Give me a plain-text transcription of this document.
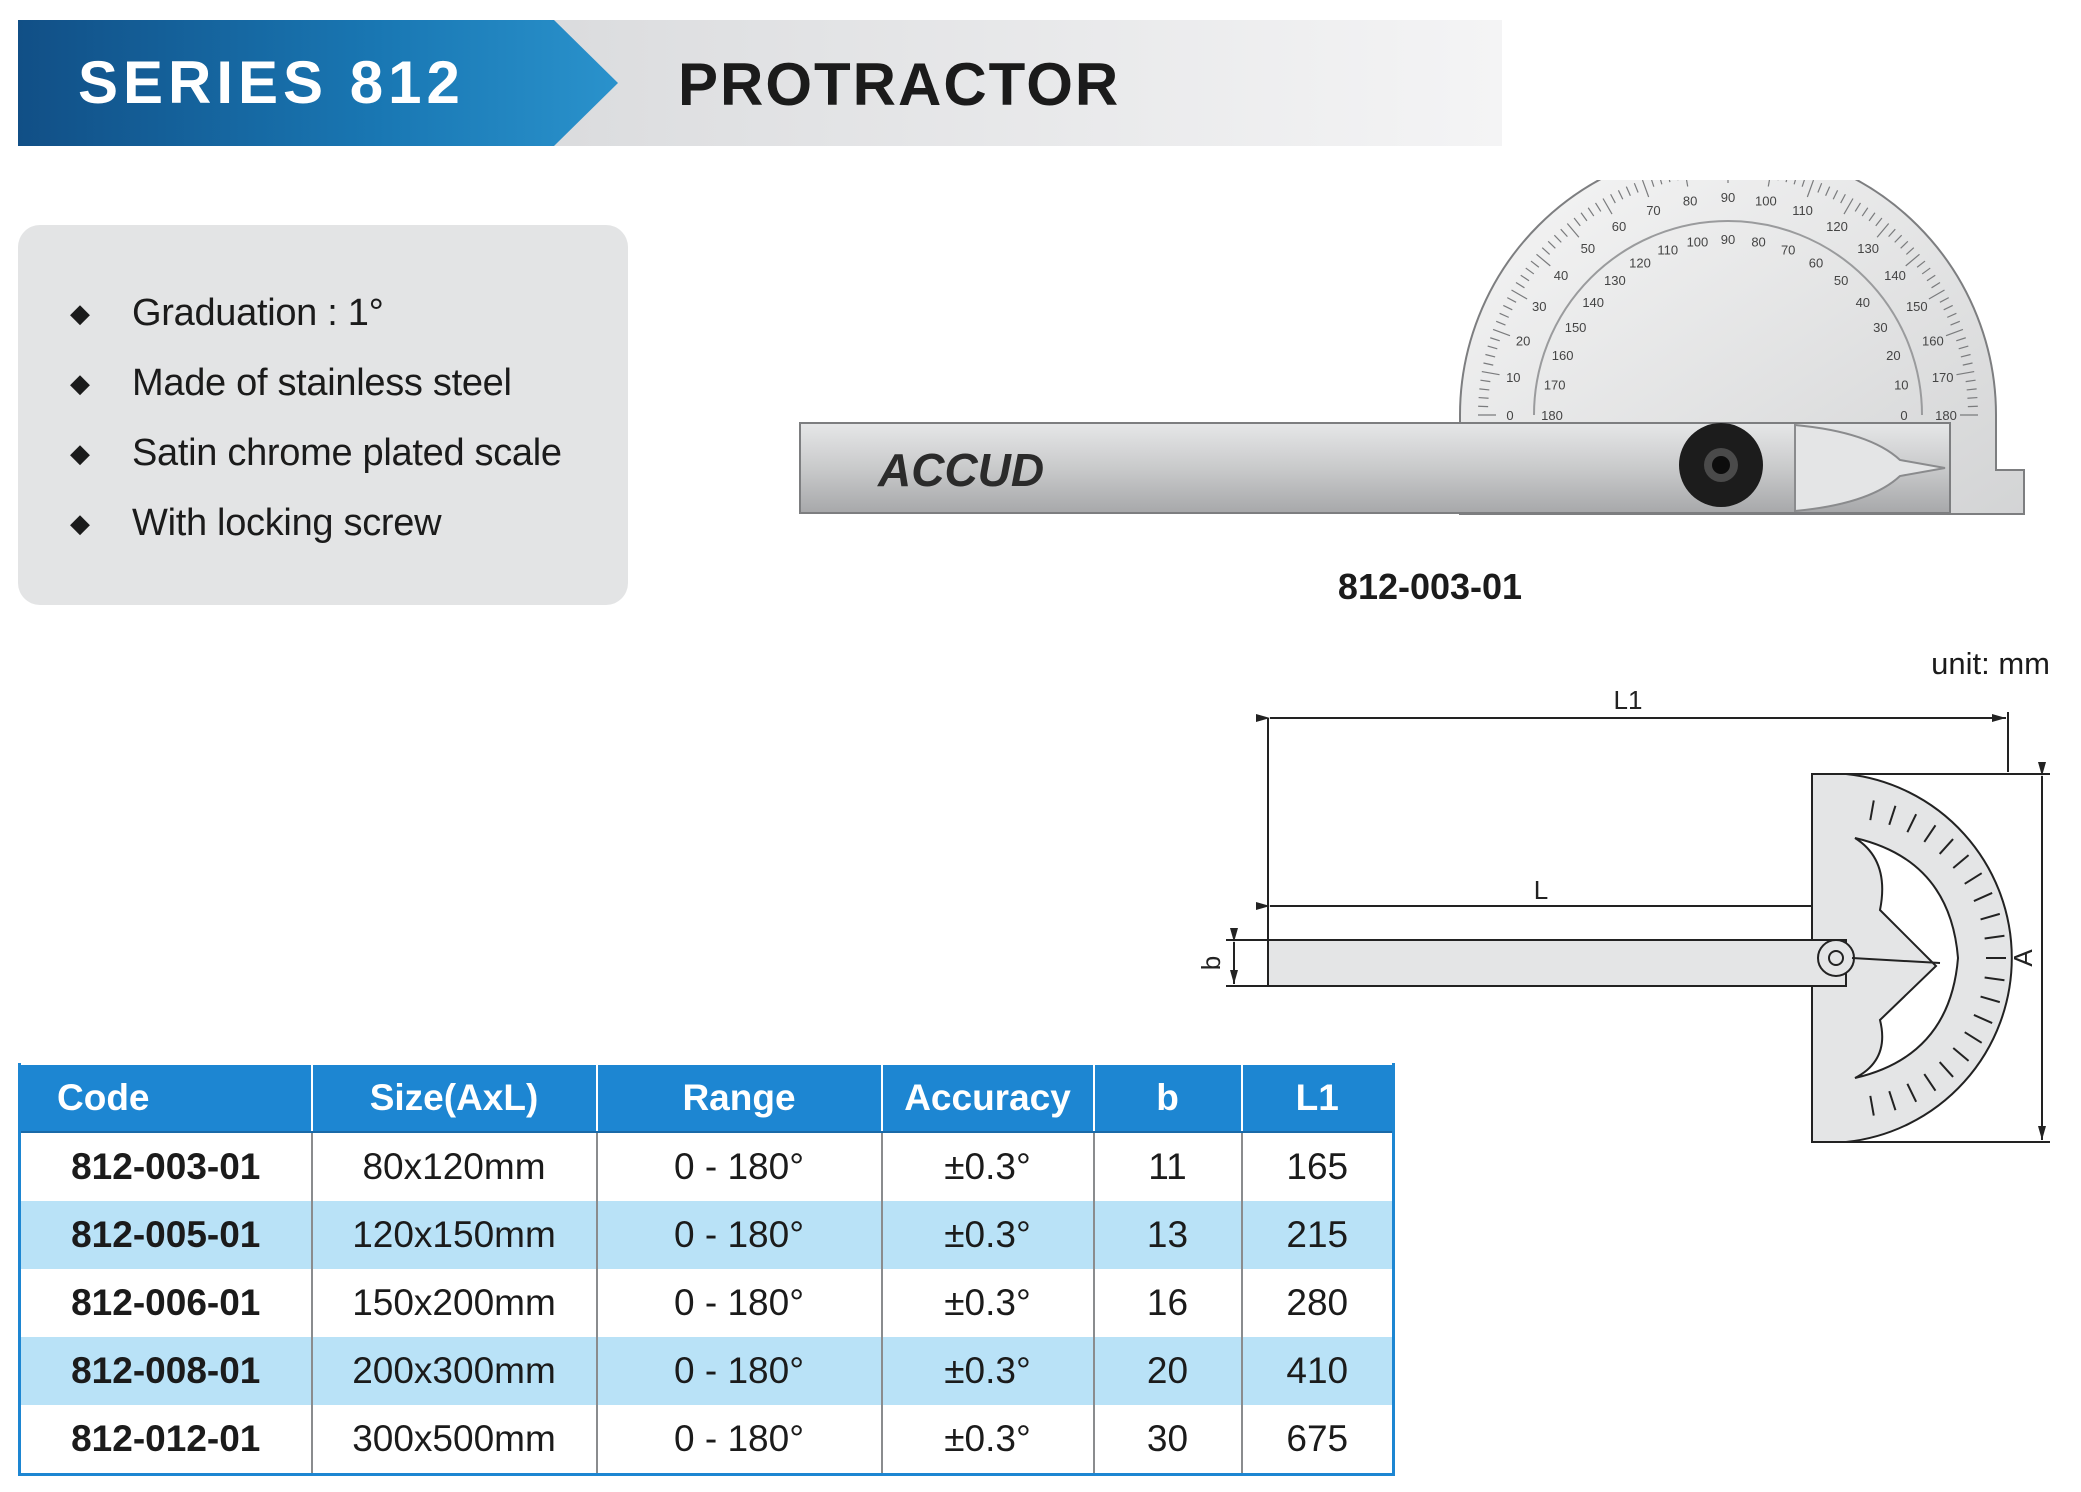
SERIES 812	PROTRACTOR
◆	Graduation : 1°
◆	Made of stainless steel
◆	Satin chrome plated scale
◆	With locking screw
0
10
20
30
40
50
60
70
80 90 100
110
120
130
140
150
160
170
180
180
170
160
150
140
130
120
110
100 90 80
70
60
50
40
30
20
10
0
ACCUD
812-003-01
unit: mm
L1
L
b	A
Code	Size(AxL)	Range	Accuracy	b	L1
812-003-01	80x120mm	0 - 180°	±0.3°	11	165
812-005-01	120x150mm	0 - 180°	±0.3°	13	215
812-006-01	150x200mm	0 - 180°	±0.3°	16	280
812-008-01	200x300mm	0 - 180°	±0.3°	20	410
812-012-01	300x500mm	0 - 180°	±0.3°	30	675
